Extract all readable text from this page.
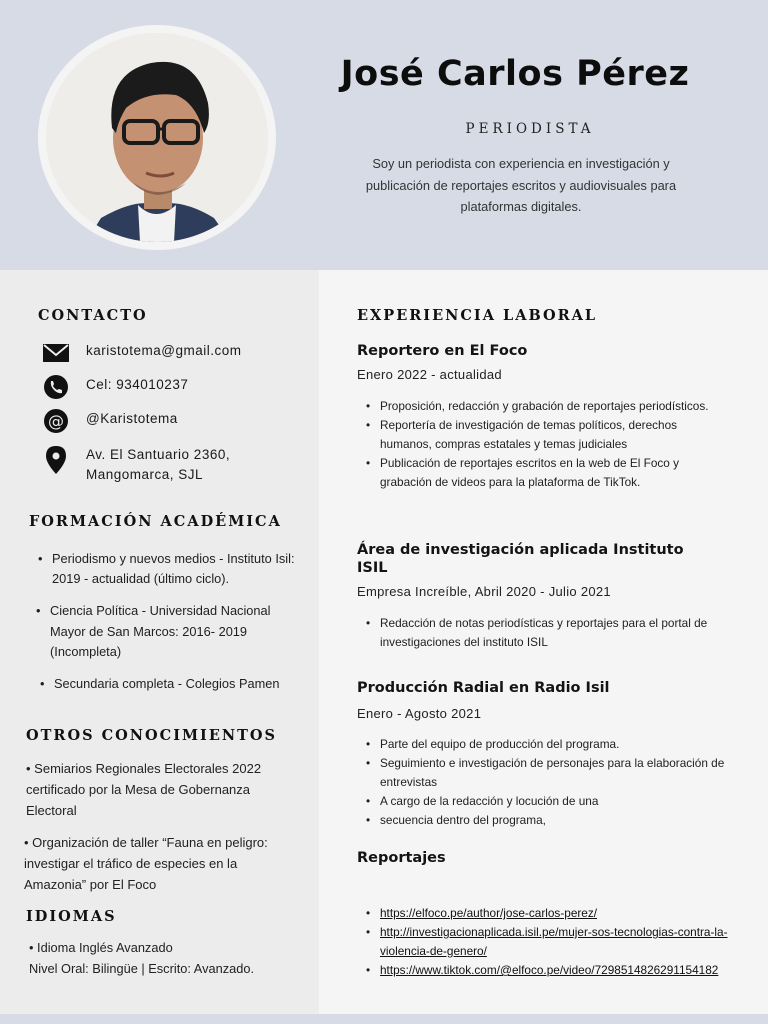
José Carlos Pérez
PERIODISTA
Soy un periodista con experiencia en investigación y publicación de reportajes escritos y audiovisuales para plataformas digitales.
CONTACTO
karistotema@gmail.com
Cel: 934010237
@ @Karistotema
Av. El Santuario 2360,
Mangomarca, SJL
FORMACIÓN ACADÉMICA
• Periodismo y nuevos medios - Instituto Isil: 2019 - actualidad (último ciclo).
• Ciencia Política - Universidad Nacional Mayor de San Marcos: 2016- 2019 (Incompleta)
• Secundaria completa - Colegios Pamen
OTROS CONOCIMIENTOS
• Semiarios Regionales Electorales 2022 certificado por la Mesa de Gobernanza Electoral
• Organización de taller “Fauna en peligro: investigar el tráfico de especies en la Amazonia” por El Foco
IDIOMAS
• Idioma Inglés Avanzado
Nivel Oral: Bilingüe | Escrito: Avanzado.
EXPERIENCIA LABORAL
Reportero en El Foco
Enero 2022 - actualidad
• Proposición, redacción y grabación de reportajes periodísticos.
• Reportería de investigación de temas políticos, derechos humanos, compras estatales y temas judiciales
• Publicación de reportajes escritos en la web de El Foco y grabación de videos para la plataforma de TikTok.
Área de investigación aplicada Instituto ISIL
Empresa Increíble, Abril 2020 - Julio 2021
• Redacción de notas periodísticas y reportajes para el portal de investigaciones del instituto ISIL
Producción Radial en Radio Isil
Enero - Agosto 2021
• Parte del equipo de producción del programa.
• Seguimiento e investigación de personajes para la elaboración de entrevistas
• A cargo de la redacción y locución de una
• secuencia dentro del programa,
Reportajes
• https://elfoco.pe/author/jose-carlos-perez/
• http://investigacionaplicada.isil.pe/mujer-sos-tecnologias-contra-la-violencia-de-genero/
• https://www.tiktok.com/@elfoco.pe/video/7298514826291154182
